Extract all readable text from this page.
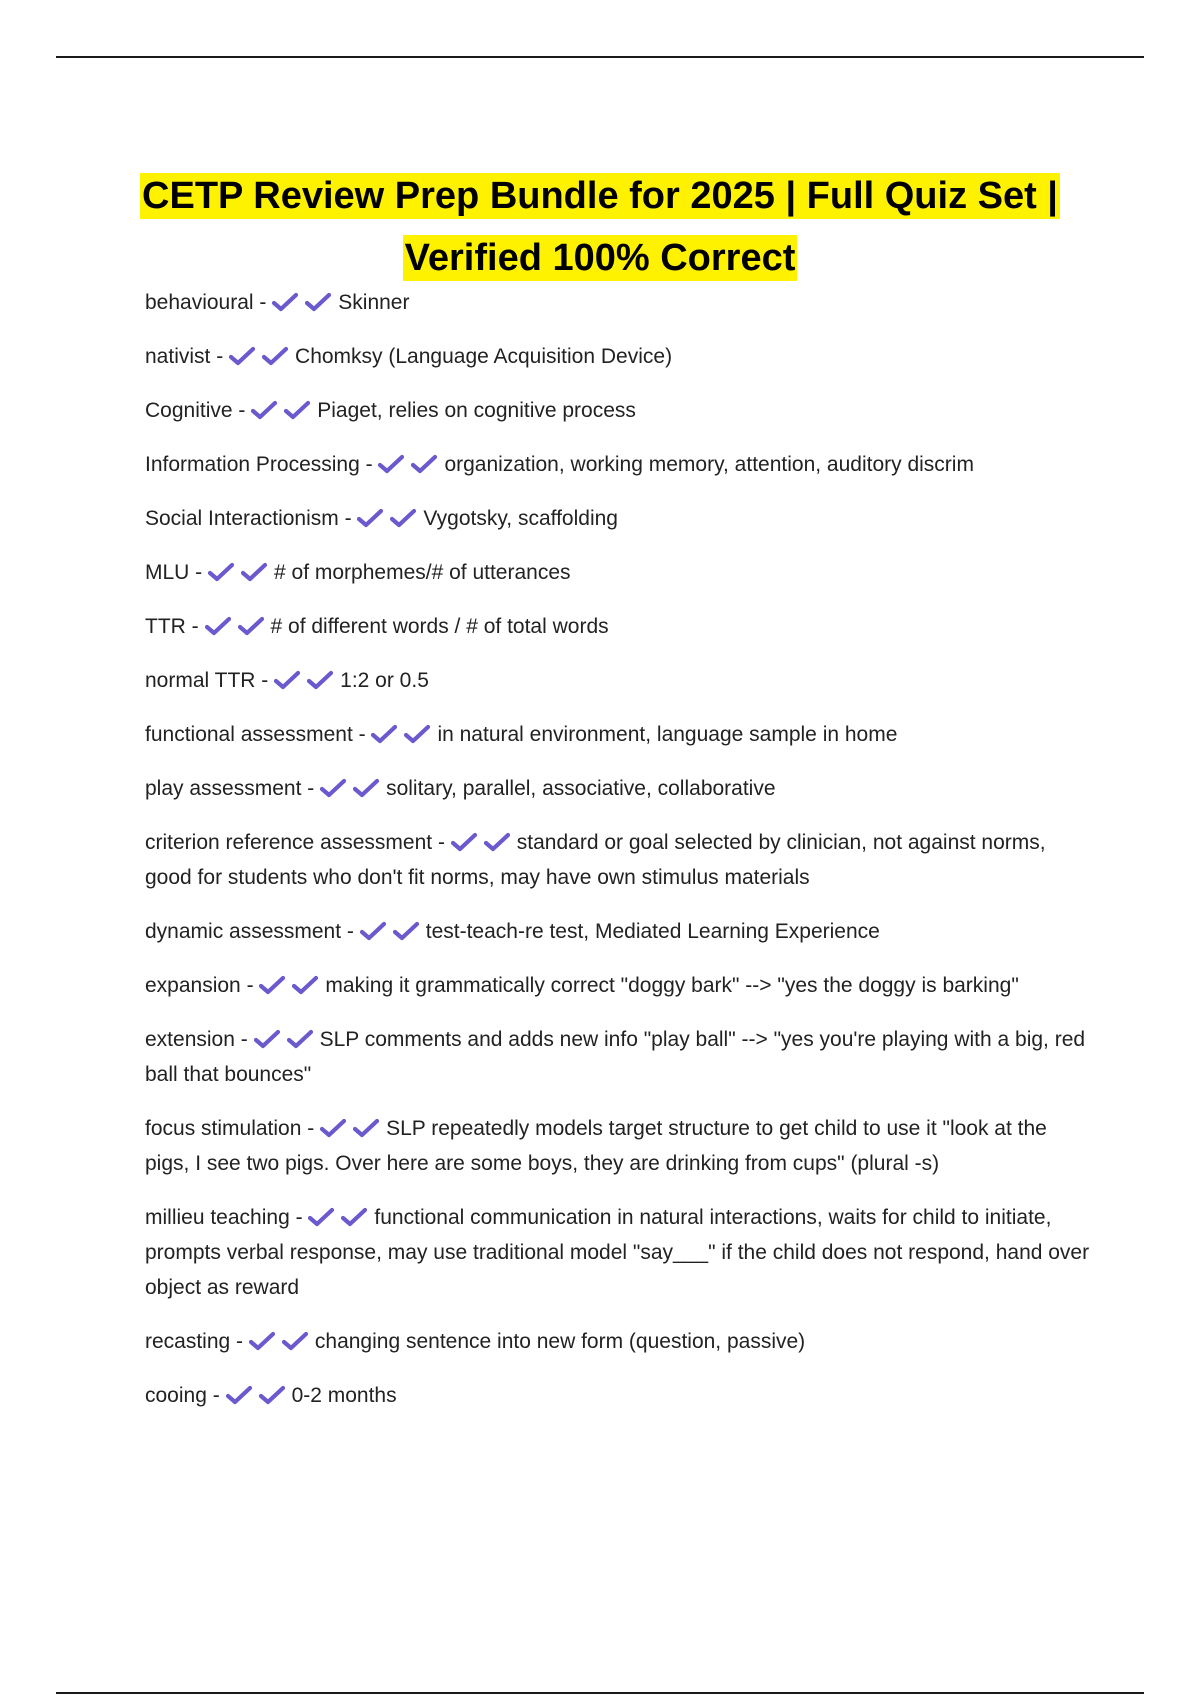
CETP Review Prep Bundle for 2025 | Full Quiz Set |
Verified 100% Correct
behavioural -	Skinner
nativist -	Chomksy (Language Acquisition Device)
Cognitive -	Piaget, relies on cognitive process
Information Processing -	organization, working memory, attention, auditory discrim
Social Interactionism -	Vygotsky, scaffolding
MLU -	# of morphemes/# of utterances
TTR -	# of different words / # of total words
normal TTR -	1:2 or 0.5
functional assessment -	in natural environment, language sample in home
play assessment -	solitary, parallel, associative, collaborative
criterion reference assessment -	standard or goal selected by clinician, not against norms, good for students who don't fit norms, may have own stimulus materials
dynamic assessment -	test-teach-re test, Mediated Learning Experience
expansion -	making it grammatically correct "doggy bark" --> "yes the doggy is barking"
extension -	SLP comments and adds new info "play ball" --> "yes you're playing with a big, red ball that bounces"
focus stimulation -	SLP repeatedly models target structure to get child to use it "look at the pigs, I see two pigs. Over here are some boys, they are drinking from cups" (plural -s)
millieu teaching -	functional communication in natural interactions, waits for child to initiate, prompts verbal response, may use traditional model "say___" if the child does not respond, hand over object as reward
recasting -	changing sentence into new form (question, passive)
cooing -	0-2 months
